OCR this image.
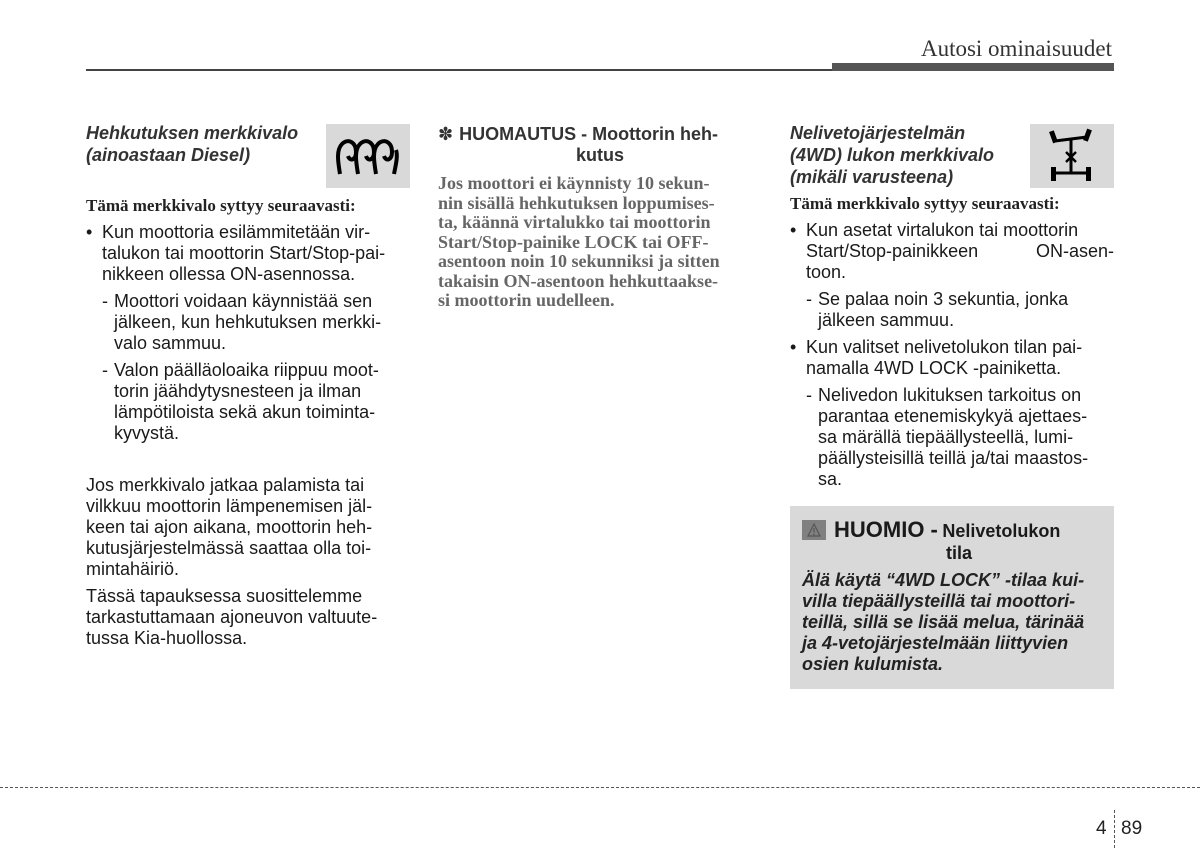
Autosi ominaisuudet
Hehkutuksen merkkivalo
(ainoastaan Diesel)
Tämä merkkivalo syttyy seuraavasti:
• Kun moottoria esilämmitetään vir-
talukon tai moottorin Start/Stop-pai-
nikkeen ollessa ON-asennossa.
- Moottori voidaan käynnistää sen
jälkeen, kun hehkutuksen merkki-
valo sammuu.
- Valon päälläoloaika riippuu moot-
torin jäähdytysnesteen ja ilman
lämpötiloista sekä akun toiminta-
kyvystä.
Jos merkkivalo jatkaa palamista tai
vilkkuu moottorin lämpenemisen jäl-
keen tai ajon aikana, moottorin heh-
kutusjärjestelmässä saattaa olla toi-
mintahäiriö.
Tässä tapauksessa suosittelemme
tarkastuttamaan ajoneuvon valtuute-
tussa Kia-huollossa.
✽ HUOMAUTUS - Moottorin heh-
kutus
Jos moottori ei käynnisty 10 sekun-
nin sisällä hehkutuksen loppumises-
ta, käännä virtalukko tai moottorin
Start/Stop-painike LOCK tai OFF-
asentoon noin 10 sekunniksi ja sitten
takaisin ON-asentoon hehkuttaakse-
si moottorin uudelleen.
Nelivetojärjestelmän
(4WD) lukon merkkivalo
(mikäli varusteena)
Tämä merkkivalo syttyy seuraavasti:
• Kun asetat virtalukon tai moottorin
Start/Stop-painikkeen ON-asen-
toon.
- Se palaa noin 3 sekuntia, jonka
jälkeen sammuu.
• Kun valitset nelivetolukon tilan pai-
namalla 4WD LOCK -painiketta.
- Nelivedon lukituksen tarkoitus on
parantaa etenemiskykyä ajettaes-
sa märällä tiepäällysteellä, lumi-
päällysteisillä teillä ja/tai maastos-
sa.
HUOMIO - Nelivetolukon
tila
Älä käytä “4WD LOCK” -tilaa kui-
villa tiepäällysteillä tai moottori-
teillä, sillä se lisää melua, tärinää
ja 4-vetojärjestelmään liittyvien
osien kulumista.
4 89
